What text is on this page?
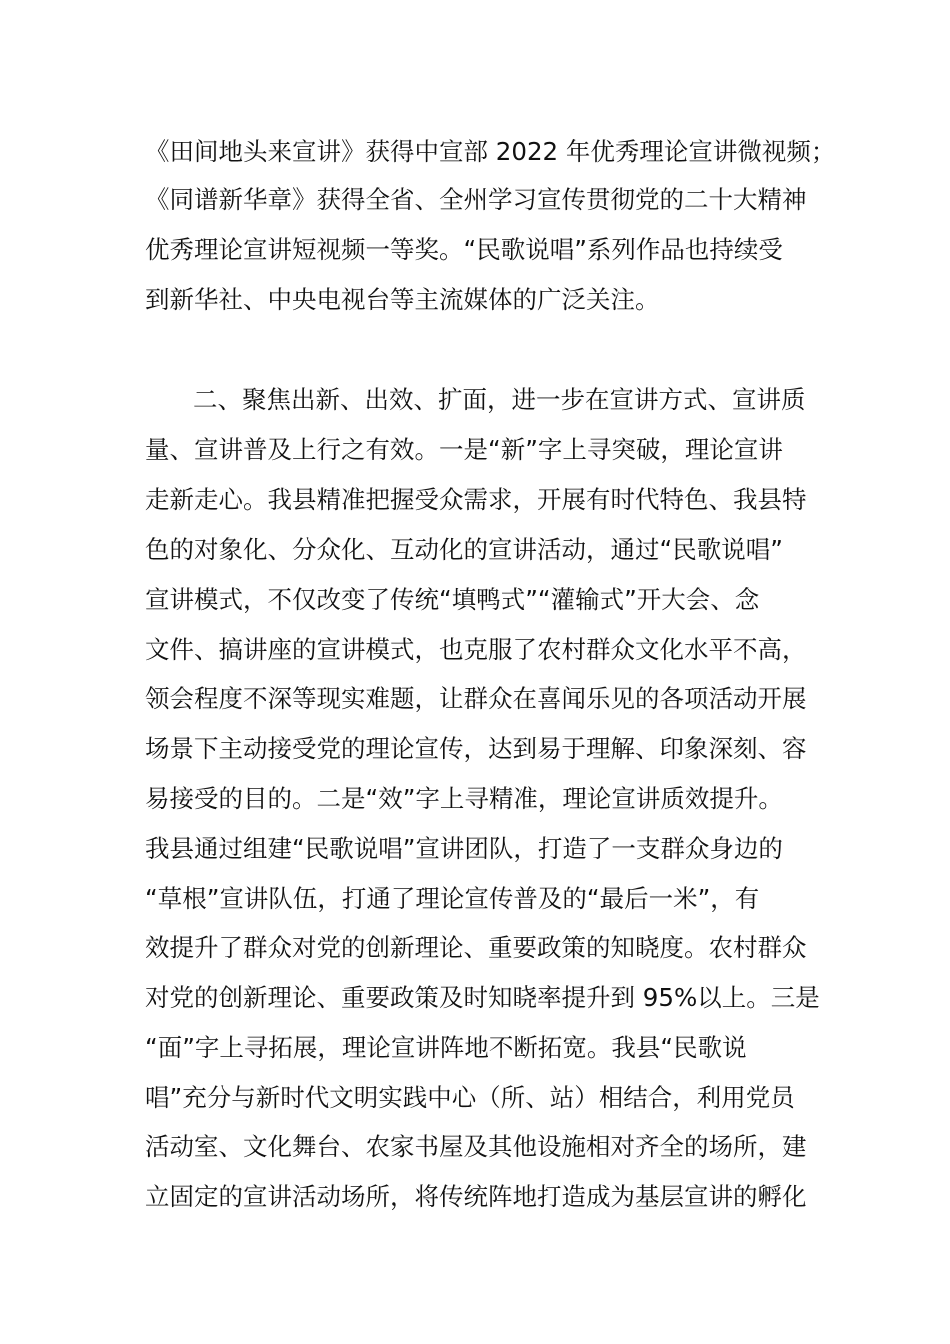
《田间地头来宣讲》获得中宣部 2022 年优秀理论宣讲微视频；
《同谱新华章》获得全省、全州学习宣传贯彻党的二十大精神
优秀理论宣讲短视频一等奖。“民歌说唱”系列作品也持续受
到新华社、中央电视台等主流媒体的广泛关注。
二、聚焦出新、出效、扩面，进一步在宣讲方式、宣讲质
量、宣讲普及上行之有效。一是“新”字上寻突破，理论宣讲
走新走心。我县精准把握受众需求，开展有时代特色、我县特
色的对象化、分众化、互动化的宣讲活动，通过“民歌说唱”
宣讲模式，不仅改变了传统“填鸭式”“灌输式”开大会、念
文件、搞讲座的宣讲模式，也克服了农村群众文化水平不高，
领会程度不深等现实难题，让群众在喜闻乐见的各项活动开展
场景下主动接受党的理论宣传，达到易于理解、印象深刻、容
易接受的目的。二是“效”字上寻精准，理论宣讲质效提升。
我县通过组建“民歌说唱”宣讲团队，打造了一支群众身边的
“草根”宣讲队伍，打通了理论宣传普及的“最后一米”，有
效提升了群众对党的创新理论、重要政策的知晓度。农村群众
对党的创新理论、重要政策及时知晓率提升到 95%以上。三是
“面”字上寻拓展，理论宣讲阵地不断拓宽。我县“民歌说
唱”充分与新时代文明实践中心（所、站）相结合，利用党员
活动室、文化舞台、农家书屋及其他设施相对齐全的场所，建
立固定的宣讲活动场所，将传统阵地打造成为基层宣讲的孵化
